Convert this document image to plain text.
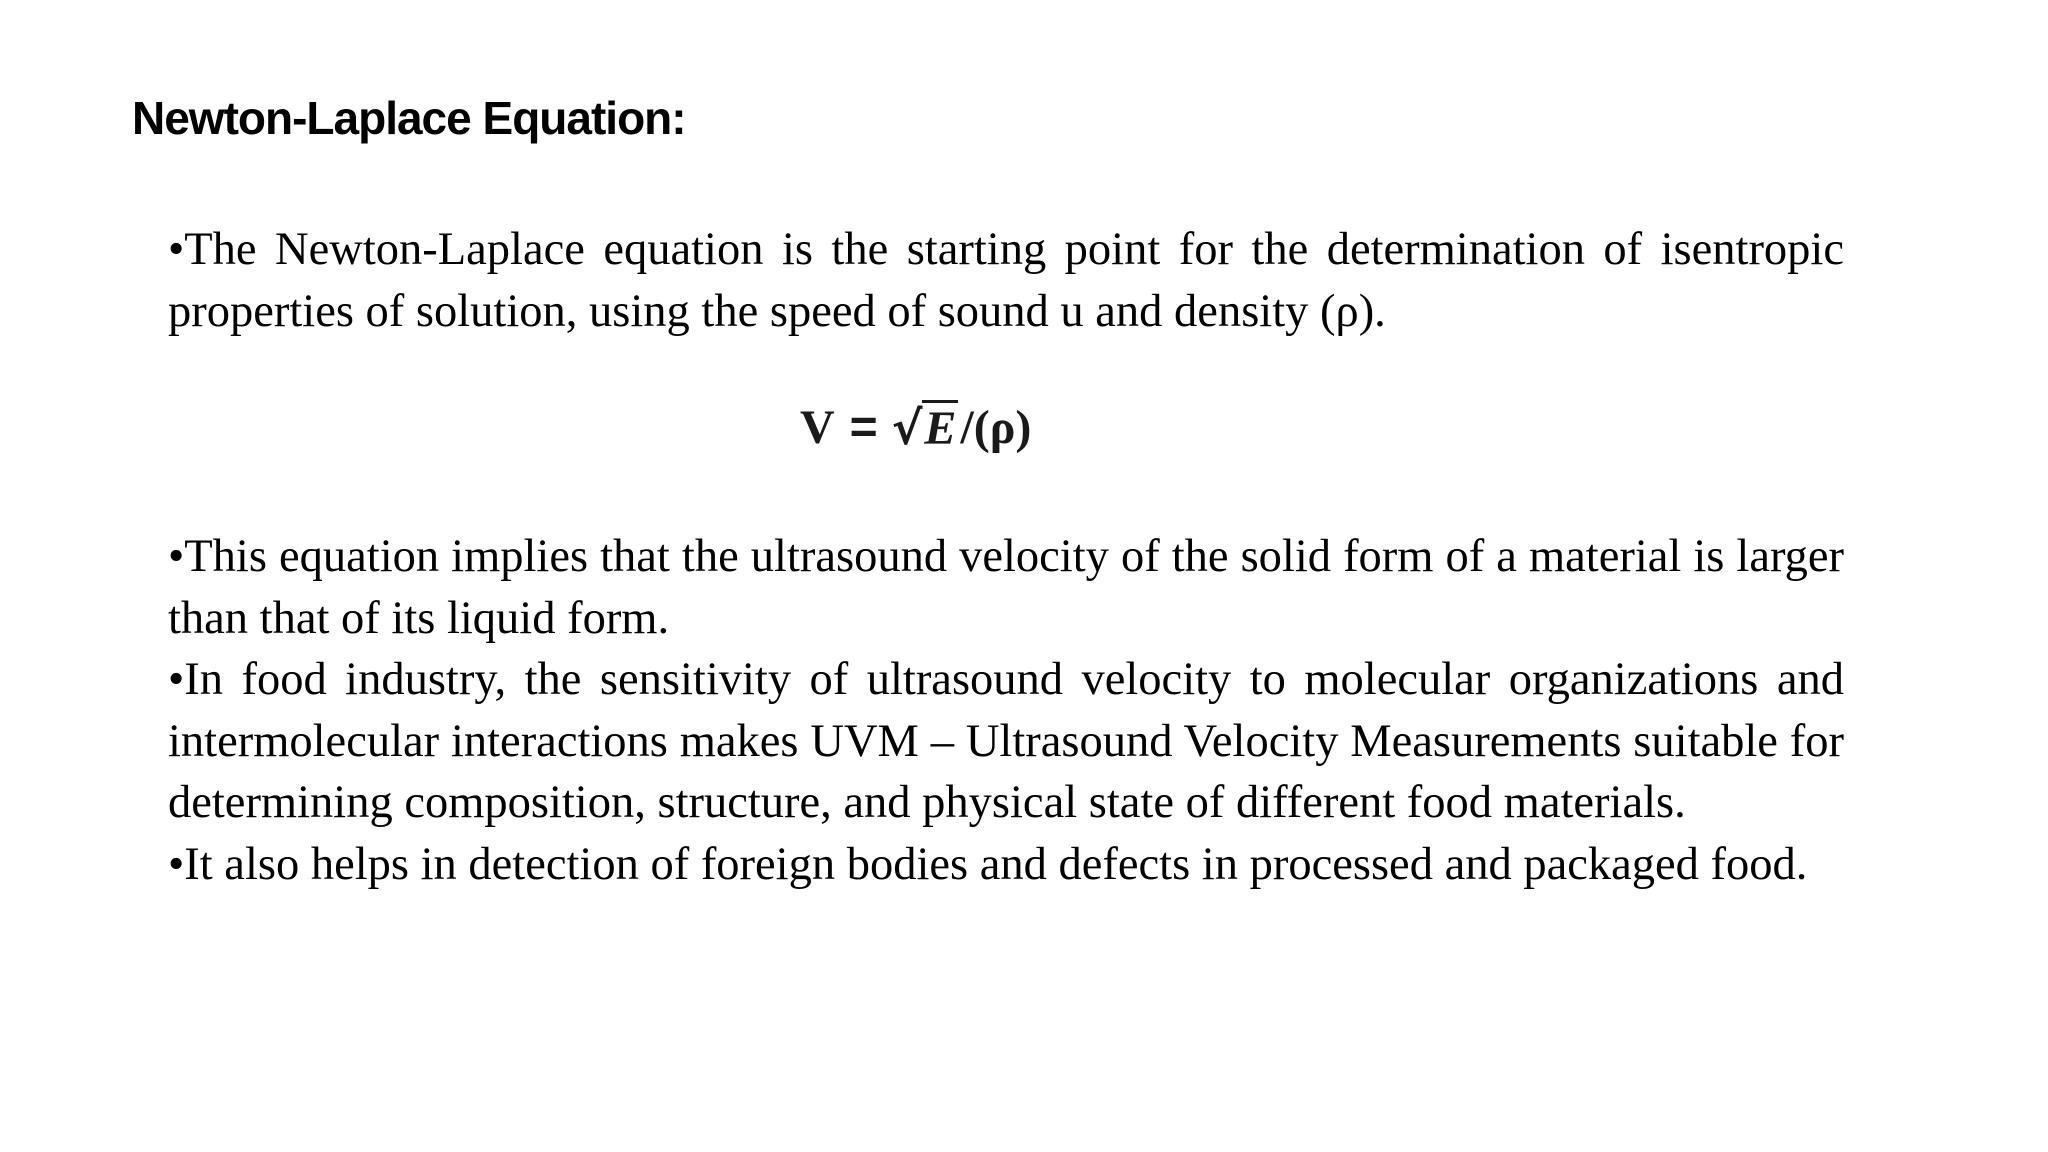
Newton-Laplace Equation:

•The Newton-Laplace equation is the starting point for the determination of isentropic properties of solution, using the speed of sound u and density (ρ).

V = √ E /(ρ)

•This equation implies that the ultrasound velocity of the solid form of a material is larger than that of its liquid form.

•In food industry, the sensitivity of ultrasound velocity to molecular organizations and intermolecular interactions makes UVM – Ultrasound Velocity Measurements suitable for determining composition, structure, and physical state of different food materials.

•It also helps in detection of foreign bodies and defects in processed and packaged food.
